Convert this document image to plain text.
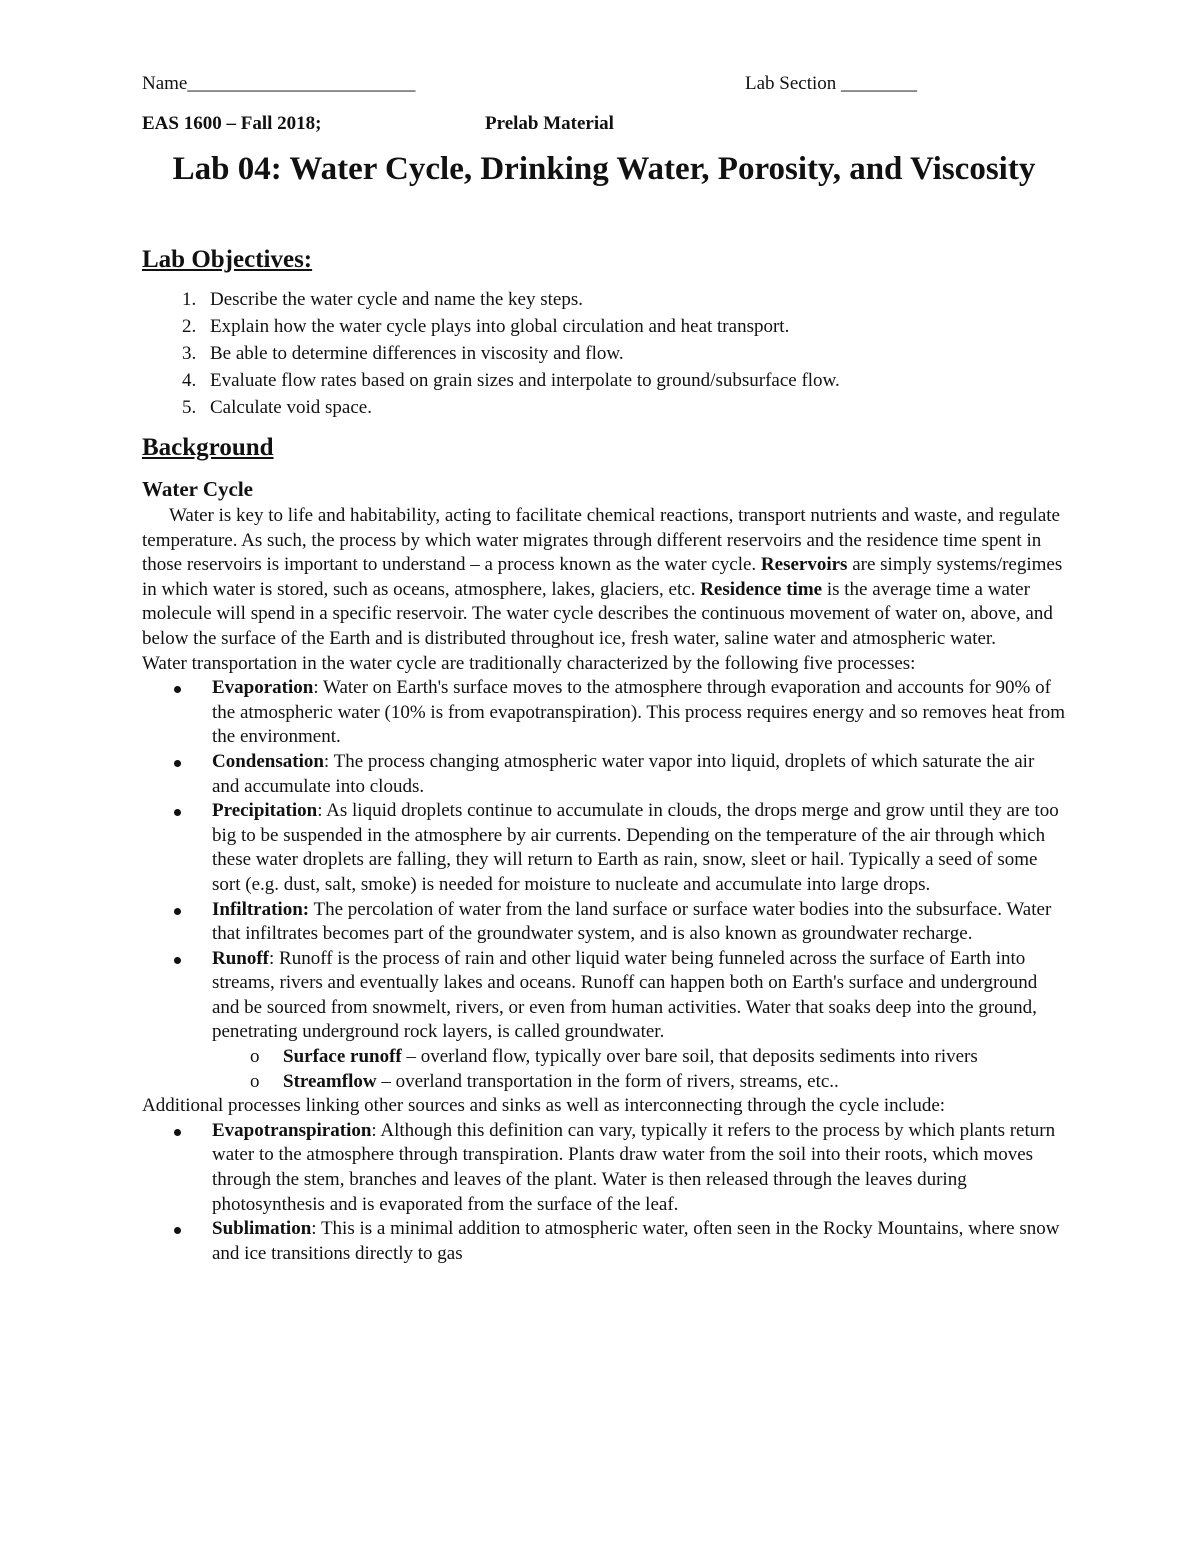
Name________________________	Lab Section ________
EAS 1600 – Fall 2018;	Prelab Material
Lab 04: Water Cycle, Drinking Water, Porosity, and Viscosity
Lab Objectives:
1. Describe the water cycle and name the key steps.
2. Explain how the water cycle plays into global circulation and heat transport.
3. Be able to determine differences in viscosity and flow.
4. Evaluate flow rates based on grain sizes and interpolate to ground/subsurface flow.
5. Calculate void space.
Background
Water Cycle

Water is key to life and habitability, acting to facilitate chemical reactions, transport nutrients and waste, and regulate temperature. As such, the process by which water migrates through different reservoirs and the residence time spent in those reservoirs is important to understand – a process known as the water cycle. Reservoirs are simply systems/regimes in which water is stored, such as oceans, atmosphere, lakes, glaciers, etc. Residence time is the average time a water molecule will spend in a specific reservoir. The water cycle describes the continuous movement of water on, above, and below the surface of the Earth and is distributed throughout ice, fresh water, saline water and atmospheric water.

Water transportation in the water cycle are traditionally characterized by the following five processes:

Evaporation: Water on Earth's surface moves to the atmosphere through evaporation and accounts for 90% of the atmospheric water (10% is from evapotranspiration). This process requires energy and so removes heat from the environment.
Condensation: The process changing atmospheric water vapor into liquid, droplets of which saturate the air and accumulate into clouds.
Precipitation: As liquid droplets continue to accumulate in clouds, the drops merge and grow until they are too big to be suspended in the atmosphere by air currents. Depending on the temperature of the air through which these water droplets are falling, they will return to Earth as rain, snow, sleet or hail. Typically a seed of some sort (e.g. dust, salt, smoke) is needed for moisture to nucleate and accumulate into large drops.
Infiltration: The percolation of water from the land surface or surface water bodies into the subsurface. Water that infiltrates becomes part of the groundwater system, and is also known as groundwater recharge.
Runoff: Runoff is the process of rain and other liquid water being funneled across the surface of Earth into streams, rivers and eventually lakes and oceans. Runoff can happen both on Earth's surface and underground and be sourced from snowmelt, rivers, or even from human activities. Water that soaks deep into the ground, penetrating underground rock layers, is called groundwater.
o Surface runoff – overland flow, typically over bare soil, that deposits sediments into rivers
o Streamflow – overland transportation in the form of rivers, streams, etc..

Additional processes linking other sources and sinks as well as interconnecting through the cycle include:

Evapotranspiration: Although this definition can vary, typically it refers to the process by which plants return water to the atmosphere through transpiration. Plants draw water from the soil into their roots, which moves through the stem, branches and leaves of the plant. Water is then released through the leaves during photosynthesis and is evaporated from the surface of the leaf.
Sublimation: This is a minimal addition to atmospheric water, often seen in the Rocky Mountains, where snow and ice transitions directly to gas
